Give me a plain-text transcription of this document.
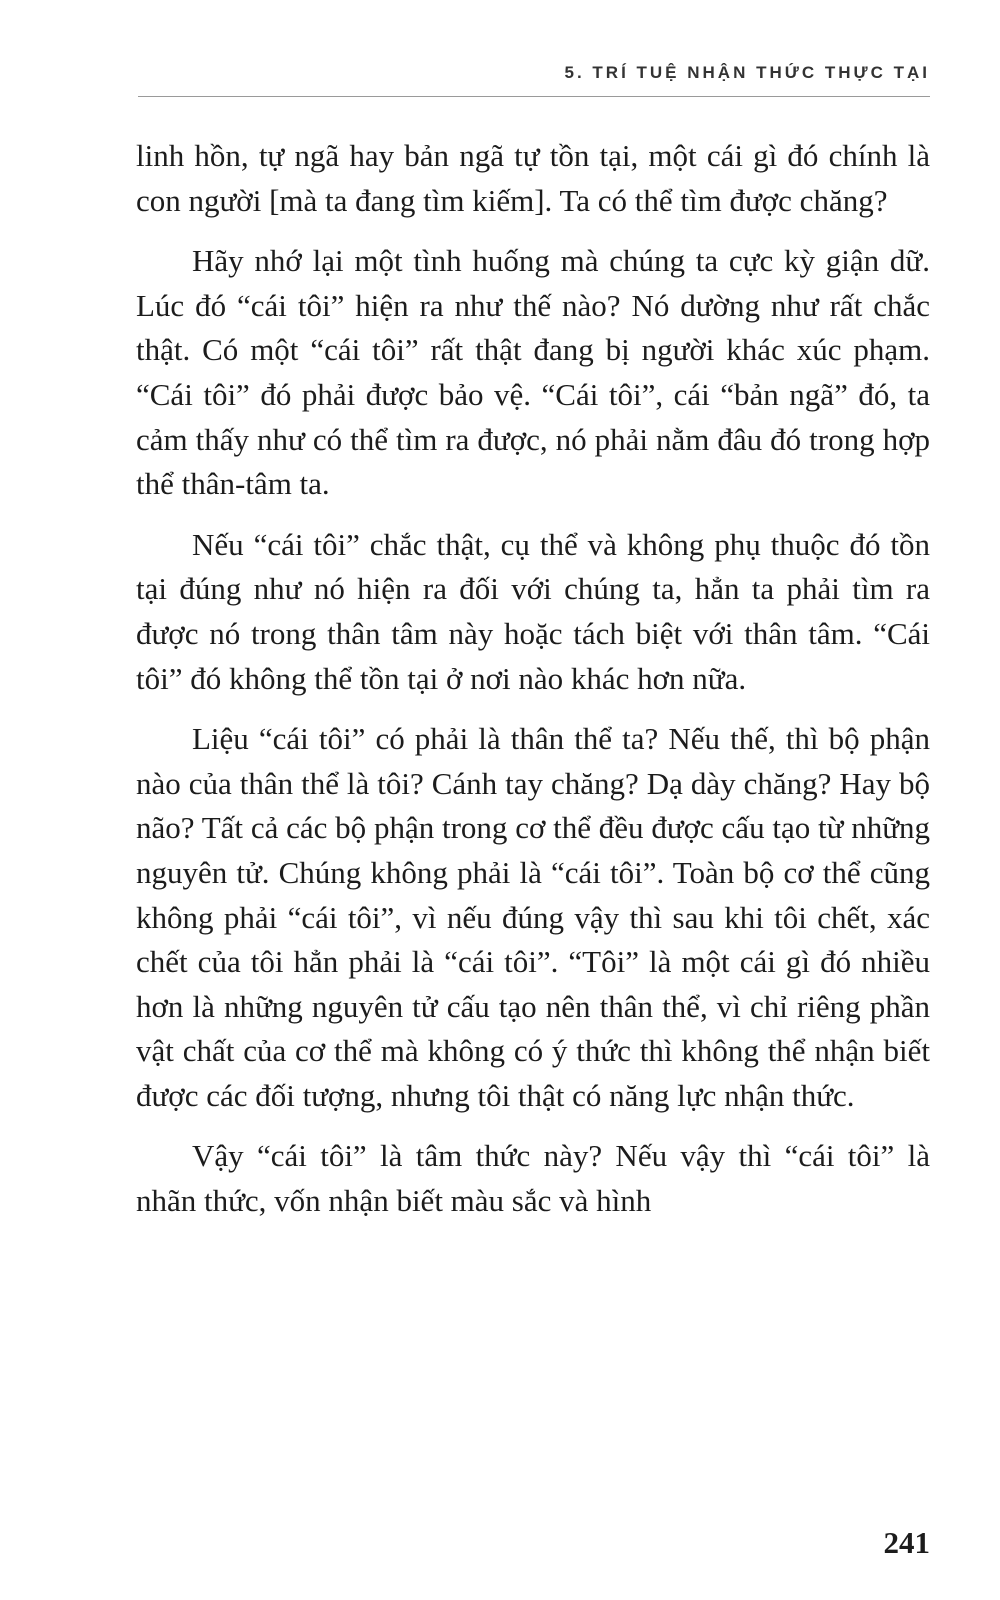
5. TRÍ TUỆ NHẬN THỨC THỰC TẠI

linh hồn, tự ngã hay bản ngã tự tồn tại, một cái gì đó chính là con người [mà ta đang tìm kiếm]. Ta có thể tìm được chăng?

Hãy nhớ lại một tình huống mà chúng ta cực kỳ giận dữ. Lúc đó “cái tôi” hiện ra như thế nào? Nó dường như rất chắc thật. Có một “cái tôi” rất thật đang bị người khác xúc phạm. “Cái tôi” đó phải được bảo vệ. “Cái tôi”, cái “bản ngã” đó, ta cảm thấy như có thể tìm ra được, nó phải nằm đâu đó trong hợp thể thân-tâm ta.

Nếu “cái tôi” chắc thật, cụ thể và không phụ thuộc đó tồn tại đúng như nó hiện ra đối với chúng ta, hẳn ta phải tìm ra được nó trong thân tâm này hoặc tách biệt với thân tâm. “Cái tôi” đó không thể tồn tại ở nơi nào khác hơn nữa.

Liệu “cái tôi” có phải là thân thể ta? Nếu thế, thì bộ phận nào của thân thể là tôi? Cánh tay chăng? Dạ dày chăng? Hay bộ não? Tất cả các bộ phận trong cơ thể đều được cấu tạo từ những nguyên tử. Chúng không phải là “cái tôi”. Toàn bộ cơ thể cũng không phải “cái tôi”, vì nếu đúng vậy thì sau khi tôi chết, xác chết của tôi hẳn phải là “cái tôi”. “Tôi” là một cái gì đó nhiều hơn là những nguyên tử cấu tạo nên thân thể, vì chỉ riêng phần vật chất của cơ thể mà không có ý thức thì không thể nhận biết được các đối tượng, nhưng tôi thật có năng lực nhận thức.

Vậy “cái tôi” là tâm thức này? Nếu vậy thì “cái tôi” là nhãn thức, vốn nhận biết màu sắc và hình

241
